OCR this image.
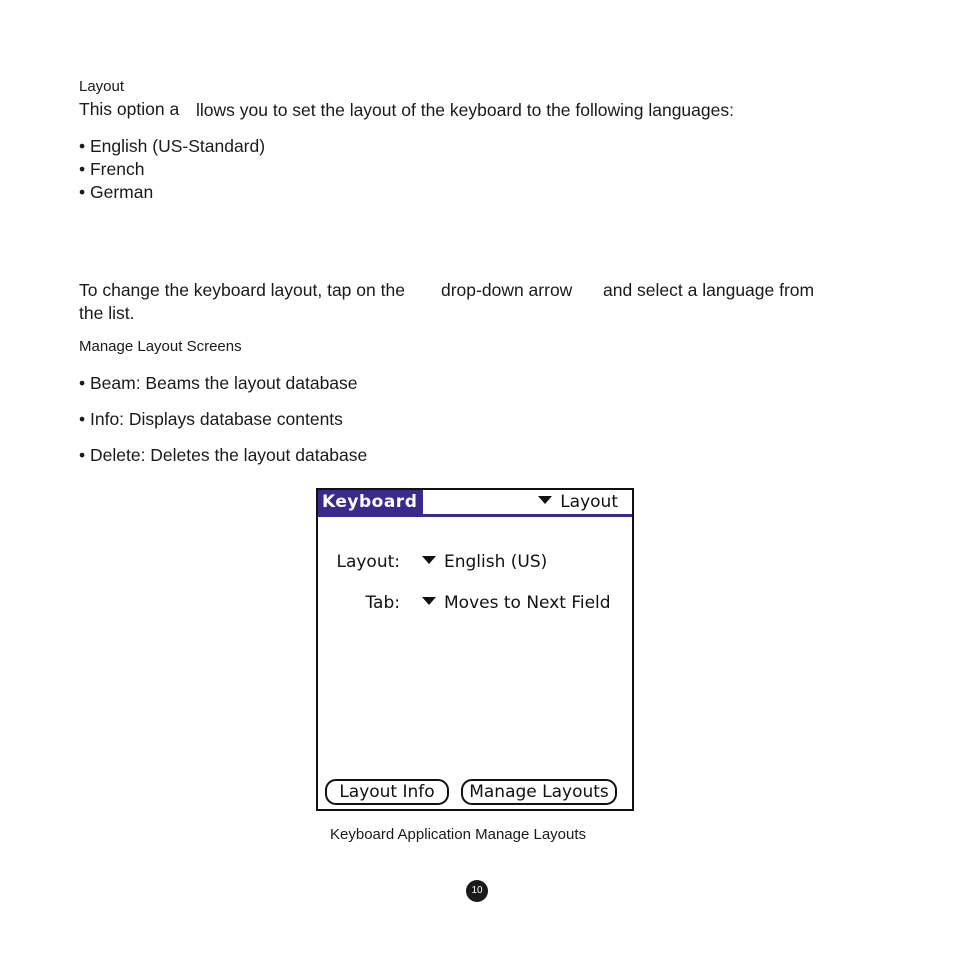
Layout
This option a llows you to set the layout of the keyboard to the following languages:
• English (US-Standard)
• French
• German
To change the keyboard layout, tap on the drop-down arrow and select a language from
the list.
Manage Layout Screens
• Beam: Beams the layout database
• Info: Displays database contents
• Delete: Deletes the layout database
Keyboard	Layout
Layout:	English (US)
Tab:	Moves to Next Field
Layout Info	Manage Layouts
Keyboard Application Manage Layouts
10
